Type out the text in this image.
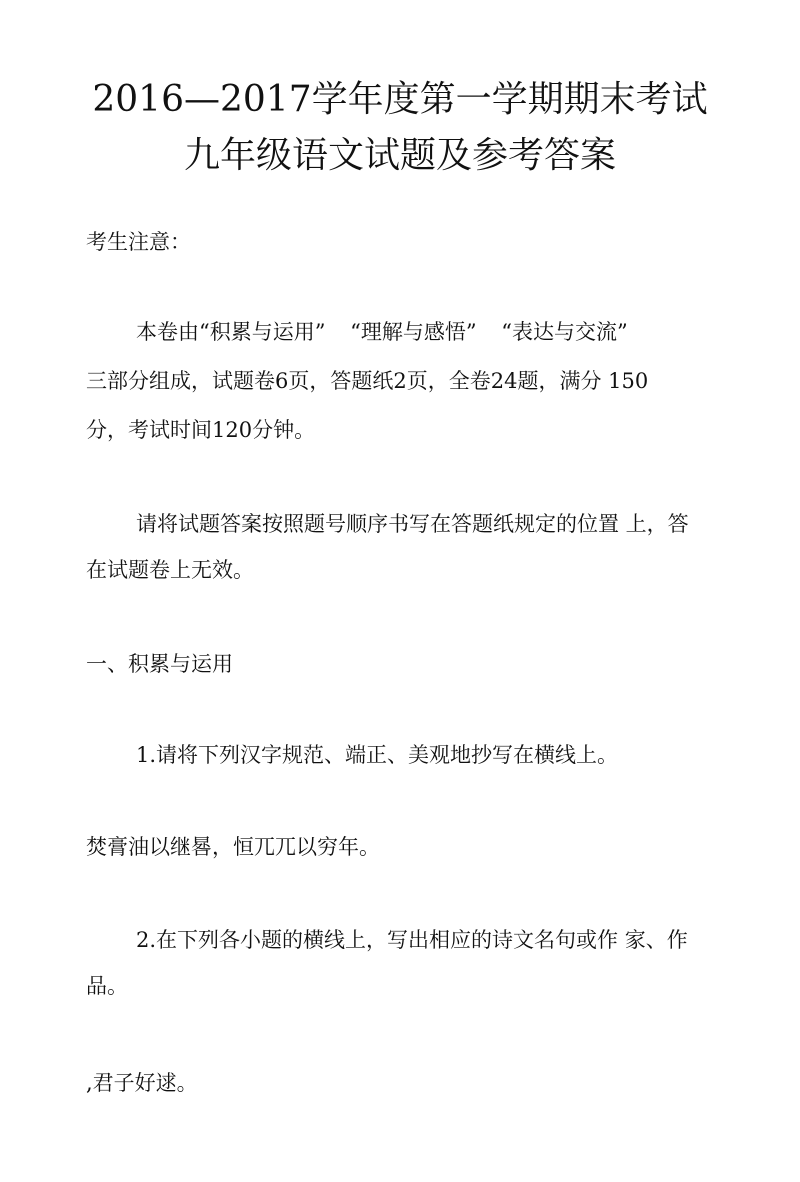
2016—2017学年度第一学期期末考试
九年级语文试题及参考答案
考生注意：
本卷由“积累与运用” “理解与感悟” “表达与交流”
三部分组成，试题卷6页，答题纸2页，全卷24题，满分 150
分，考试时间120分钟。
请将试题答案按照题号顺序书写在答题纸规定的位置 上，答
在试题卷上无效。
一、积累与运用
1.请将下列汉字规范、端正、美观地抄写在横线上。
焚膏油以继晷，恒兀兀以穷年。
2.在下列各小题的横线上，写出相应的诗文名句或作 家、作
品。
,君子好逑。
